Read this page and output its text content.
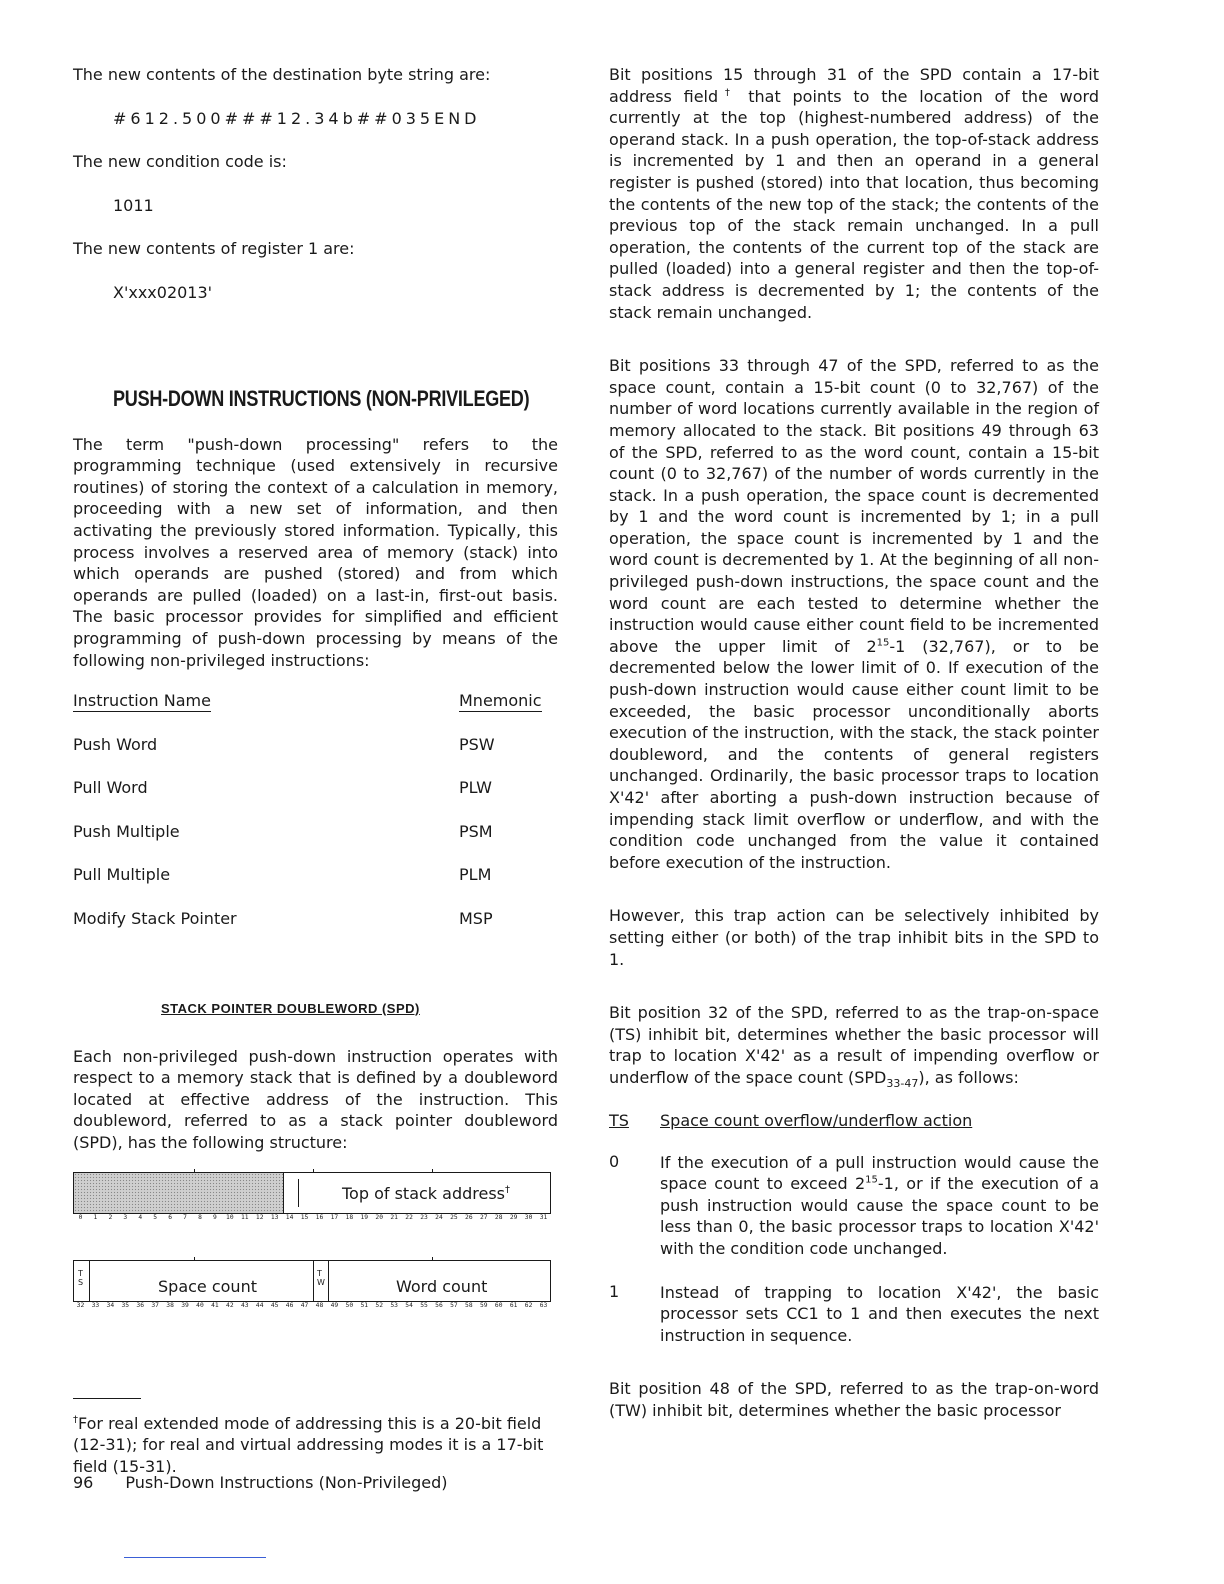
The new contents of the destination byte string are:

#612.500###12.34b##035END

The new condition code is:

1011

The new contents of register 1 are:

X'xxx02013'

PUSH-DOWN INSTRUCTIONS (NON-PRIVILEGED)

The term "push-down processing" refers to the programming technique (used extensively in recursive routines) of storing the context of a calculation in memory, proceeding with a new set of information, and then activating the previously stored information. Typically, this process involves a reserved area of memory (stack) into which operands are pushed (stored) and from which operands are pulled (loaded) on a last-in, first-out basis. The basic processor provides for simplified and efficient programming of push-down processing by means of the following non-privileged instructions:

Instruction Name	Mnemonic
Push Word	PSW
Pull Word	PLW
Push Multiple	PSM
Pull Multiple	PLM
Modify Stack Pointer	MSP
STACK POINTER DOUBLEWORD (SPD)

Each non-privileged push-down instruction operates with respect to a memory stack that is defined by a doubleword located at effective address of the instruction. This doubleword, referred to as a stack pointer doubleword (SPD), has the following structure:

Top of stack address†
0	1	2	3	4	5	6	7	8	9	10	11	12	13	14	15	16	17	18	19	20	21	22	23	24	25	26	27	28	29	30	31
T
S	Space count
T
W	Word count
32	33	34	35	36	37	38	39	40	41	42	43	44	45	46	47	48	49	50	51	52	53	54	55	56	57	58	59	60	61	62	63

†For real extended mode of addressing this is a 20-bit field (12-31); for real and virtual addressing modes it is a 17-bit field (15-31).

Bit positions 15 through 31 of the SPD contain a 17-bit address field† that points to the location of the word currently at the top (highest-numbered address) of the operand stack. In a push operation, the top-of-stack address is incremented by 1 and then an operand in a general register is pushed (stored) into that location, thus becoming the contents of the new top of the stack; the contents of the previous top of the stack remain unchanged. In a pull operation, the contents of the current top of the stack are pulled (loaded) into a general register and then the top-of-stack address is decremented by 1; the contents of the stack remain unchanged.

Bit positions 33 through 47 of the SPD, referred to as the space count, contain a 15-bit count (0 to 32,767) of the number of word locations currently available in the region of memory allocated to the stack. Bit positions 49 through 63 of the SPD, referred to as the word count, contain a 15-bit count (0 to 32,767) of the number of words currently in the stack. In a push operation, the space count is decremented by 1 and the word count is incremented by 1; in a pull operation, the space count is incremented by 1 and the word count is decremented by 1. At the beginning of all non-privileged push-down instructions, the space count and the word count are each tested to determine whether the instruction would cause either count field to be incremented above the upper limit of $2^{15}-1$ (32,767), or to be decremented below the lower limit of 0. If execution of the push-down instruction would cause either count limit to be exceeded, the basic processor unconditionally aborts execution of the instruction, with the stack, the stack pointer doubleword, and the contents of general registers unchanged. Ordinarily, the basic processor traps to location X'42' after aborting a push-down instruction because of impending stack limit overflow or underflow, and with the condition code unchanged from the value it contained before execution of the instruction.

However, this trap action can be selectively inhibited by setting either (or both) of the trap inhibit bits in the SPD to 1.

Bit position 32 of the SPD, referred to as the trap-on-space (TS) inhibit bit, determines whether the basic processor will trap to location X'42' as a result of impending overflow or underflow of the space count $(SPD_{33-47})$, as follows:

TS	Space count overflow/underflow action
0	If the execution of a pull instruction would cause the space count to exceed $2^{15}-1$, or if the execution of a push instruction would cause the space count to be less than 0, the basic processor traps to location X'42' with the condition code unchanged.

1	Instead of trapping to location X'42', the basic processor sets CC1 to 1 and then executes the next instruction in sequence.

Bit position 48 of the SPD, referred to as the trap-on-word (TW) inhibit bit, determines whether the basic processor

96 Push-Down Instructions (Non-Privileged)
